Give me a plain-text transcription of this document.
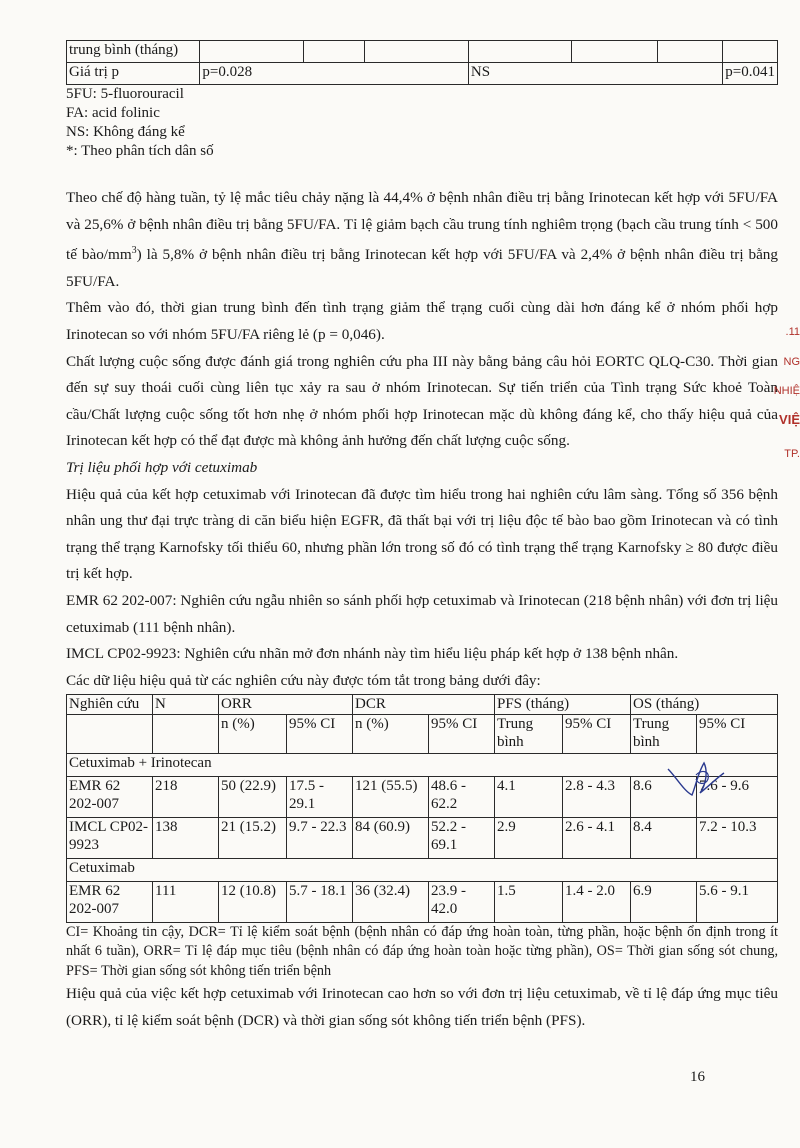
trung bình (tháng)							
Giá trị p	p=0.028			NS			p=0.041

5FU: 5-fluorouracil

FA: acid folinic

NS: Không đáng kể

*: Theo phân tích dân số

Theo chế độ hàng tuần, tỷ lệ mắc tiêu chảy nặng là 44,4% ở bệnh nhân điều trị bằng Irinotecan kết hợp với 5FU/FA và 25,6% ở bệnh nhân điều trị bằng 5FU/FA. Tỉ lệ giảm bạch cầu trung tính nghiêm trọng (bạch cầu trung tính < 500 tế bào/$mm^3$) là 5,8% ở bệnh nhân điều trị bằng Irinotecan kết hợp với 5FU/FA và 2,4% ở bệnh nhân điều trị bằng 5FU/FA.

Thêm vào đó, thời gian trung bình đến tình trạng giảm thể trạng cuối cùng dài hơn đáng kể ở nhóm phối hợp Irinotecan so với nhóm 5FU/FA riêng lẻ (p = 0,046).

Chất lượng cuộc sống được đánh giá trong nghiên cứu pha III này bằng bảng câu hỏi EORTC QLQ-C30. Thời gian đến sự suy thoái cuối cùng liên tục xảy ra sau ở nhóm Irinotecan. Sự tiến triển của Tình trạng Sức khoẻ Toàn cầu/Chất lượng cuộc sống tốt hơn nhẹ ở nhóm phối hợp Irinotecan mặc dù không đáng kể, cho thấy hiệu quả của Irinotecan kết hợp có thể đạt được mà không ảnh hưởng đến chất lượng cuộc sống.

Trị liệu phối hợp với cetuximab

Hiệu quả của kết hợp cetuximab với Irinotecan đã được tìm hiểu trong hai nghiên cứu lâm sàng. Tổng số 356 bệnh nhân ung thư đại trực tràng di căn biểu hiện EGFR, đã thất bại với trị liệu độc tế bào bao gồm Irinotecan và có tình trạng thể trạng Karnofsky tối thiểu 60, nhưng phần lớn trong số đó có tình trạng thể trạng Karnofsky ≥ 80 được điều trị kết hợp.

EMR 62 202-007: Nghiên cứu ngẫu nhiên so sánh phối hợp cetuximab và Irinotecan (218 bệnh nhân) với đơn trị liệu cetuximab (111 bệnh nhân).

IMCL CP02-9923: Nghiên cứu nhãn mở đơn nhánh này tìm hiểu liệu pháp kết hợp ở 138 bệnh nhân.

Các dữ liệu hiệu quả từ các nghiên cứu này được tóm tắt trong bảng dưới đây:

Nghiên cứu	N	ORR		DCR		PFS (tháng)		OS (tháng)	
		n (%)	95% CI	n (%)	95% CI	Trung bình	95% CI	Trung bình	95% CI
Cetuximab + Irinotecan									
EMR 62 202-007	218	50 (22.9)	17.5 - 29.1	121 (55.5)	48.6 - 62.2	4.1	2.8 - 4.3	8.6	7.6 - 9.6
IMCL CP02-9923	138	21 (15.2)	9.7 - 22.3	84 (60.9)	52.2 - 69.1	2.9	2.6 - 4.1	8.4	7.2 - 10.3
Cetuximab									
EMR 62 202-007	111	12 (10.8)	5.7 - 18.1	36 (32.4)	23.9 - 42.0	1.5	1.4 - 2.0	6.9	5.6 - 9.1

CI= Khoảng tin cậy, DCR= Tỉ lệ kiểm soát bệnh (bệnh nhân có đáp ứng hoàn toàn, từng phần, hoặc bệnh ổn định trong ít nhất 6 tuần), ORR= Tỉ lệ đáp mục tiêu (bệnh nhân có đáp ứng hoàn toàn hoặc từng phần), OS= Thời gian sống sót chung, PFS= Thời gian sống sót không tiến triển bệnh

Hiệu quả của việc kết hợp cetuximab với Irinotecan cao hơn so với đơn trị liệu cetuximab, về tỉ lệ đáp ứng mục tiêu (ORR), tỉ lệ kiểm soát bệnh (DCR) và thời gian sống sót không tiến triển bệnh (PFS).

.11
NG
NHIỆ
VIỆ
TP.
16
